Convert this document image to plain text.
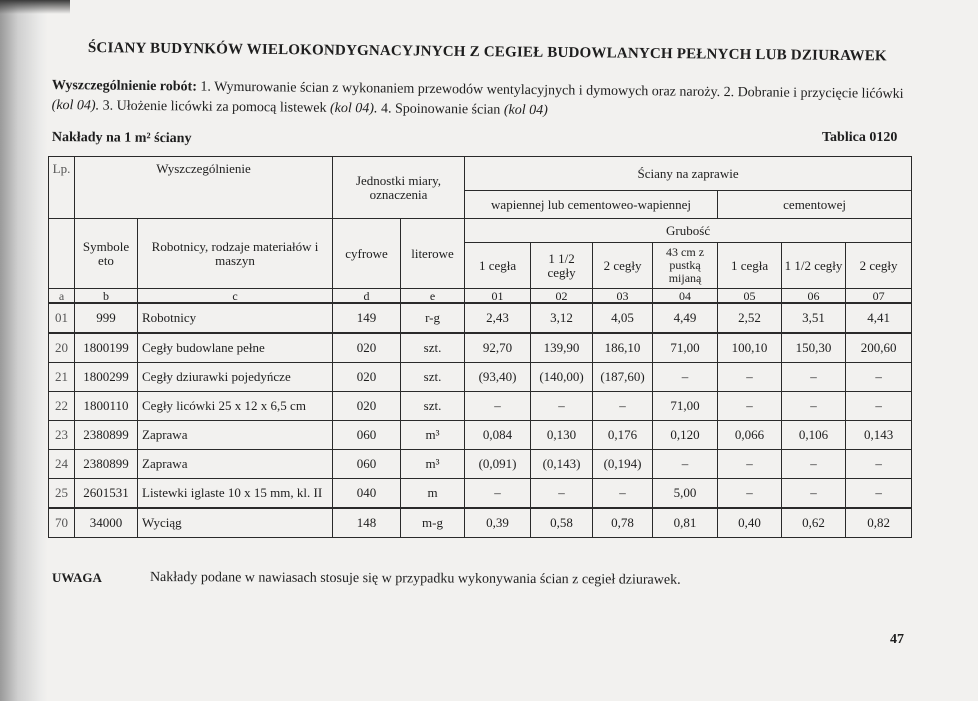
ŚCIANY BUDYNKÓW WIELOKONDYGNACYJNYCH Z CEGIEŁ BUDOWLANYCH PEŁNYCH LUB DZIURAWEK
Wyszczególnienie robót: 1. Wymurowanie ścian z wykonaniem przewodów wentylacyjnych i dymowych oraz naroży. 2. Dobranie i przycięcie lićówki (kol 04). 3. Ułożenie licówki za pomocą listewek (kol 04). 4. Spoinowanie ścian (kol 04)
Nakłady na 1 m² ściany	Tablica 0120
Lp.	Wyszczególnienie		Jednostki miary, oznaczenia		Ściany na zaprawie						
					wapiennej lub cementoweo-wapiennej				cementowej		
	Symbole eto	Robotnicy, rodzaje materiałów i maszyn	cyfrowe	literowe	Grubość						
					1 cegła	1 1/2 cegły	2 cegły	43 cm z pustką mijaną	1 cegła	1 1/2 cegły	2 cegły
a	b	c	d	e	01	02	03	04	05	06	07
01	999	Robotnicy	149	r-g	2,43	3,12	4,05	4,49	2,52	3,51	4,41
20	1800199	Cegły budowlane pełne	020	szt.	92,70	139,90	186,10	71,00	100,10	150,30	200,60
21	1800299	Cegły dziurawki pojedyńcze	020	szt.	(93,40)	(140,00)	(187,60)	–	–	–	–
22	1800110	Cegły licówki 25 x 12 x 6,5 cm	020	szt.	–	–	–	71,00	–	–	–
23	2380899	Zaprawa	060	m³	0,084	0,130	0,176	0,120	0,066	0,106	0,143
24	2380899	Zaprawa	060	m³	(0,091)	(0,143)	(0,194)	–	–	–	–
25	2601531	Listewki iglaste 10 x 15 mm, kl. II	040	m	–	–	–	5,00	–	–	–
70	34000	Wyciąg	148	m-g	0,39	0,58	0,78	0,81	0,40	0,62	0,82
UWAGA	Nakłady podane w nawiasach stosuje się w przypadku wykonywania ścian z cegieł dziurawek.
47
